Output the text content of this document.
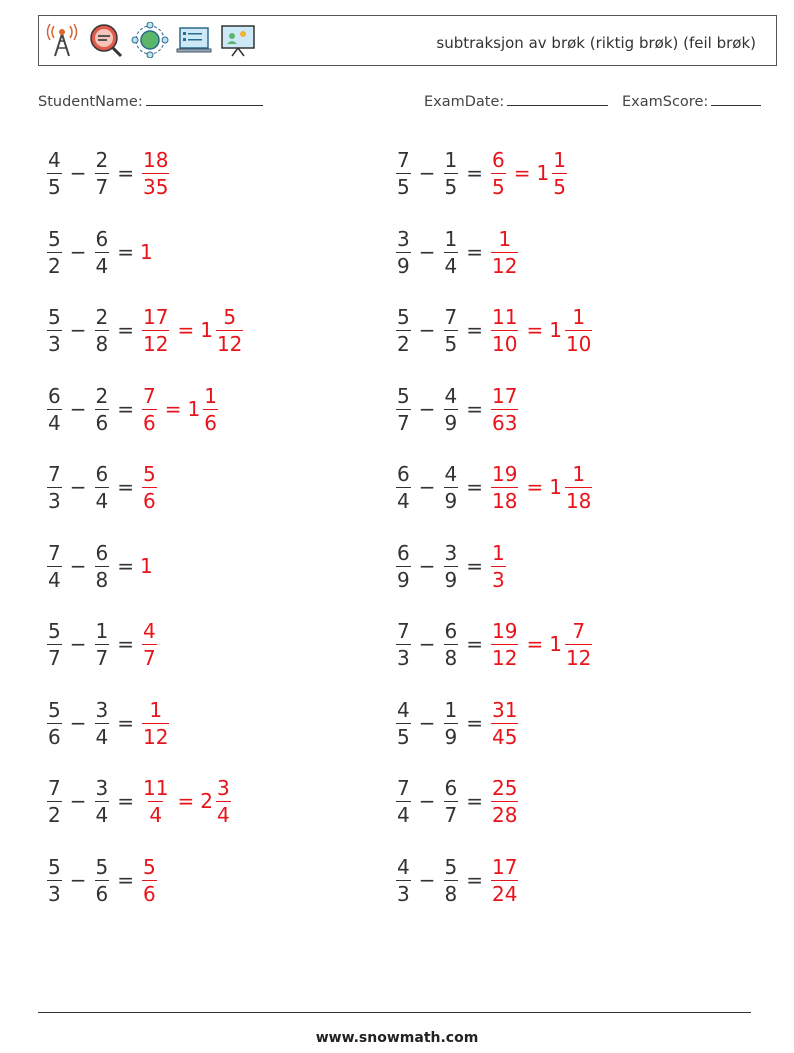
subtraksjon av brøk (riktig brøk) (feil brøk)
StudentName:	ExamDate:	ExamScore:
$\frac{4}{5} - \frac{2}{7} = \frac{18}{35}$	$\frac{7}{5} - \frac{1}{5} = \frac{6}{5} = 1 \frac{1}{5}$
$\frac{5}{2} - \frac{6}{4} = 1$	$\frac{3}{9} - \frac{1}{4} = \frac{1}{12}$
$\frac{5}{3} - \frac{2}{8} = \frac{17}{12} = 1 \frac{5}{12}$	$\frac{5}{2} - \frac{7}{5} = \frac{11}{10} = 1 \frac{1}{10}$
$\frac{6}{4} - \frac{2}{6} = \frac{7}{6} = 1 \frac{1}{6}$	$\frac{5}{7} - \frac{4}{9} = \frac{17}{63}$
$\frac{7}{3} - \frac{6}{4} = \frac{5}{6}$	$\frac{6}{4} - \frac{4}{9} = \frac{19}{18} = 1 \frac{1}{18}$
$\frac{7}{4} - \frac{6}{8} = 1$	$\frac{6}{9} - \frac{3}{9} = \frac{1}{3}$
$\frac{5}{7} - \frac{1}{7} = \frac{4}{7}$	$\frac{7}{3} - \frac{6}{8} = \frac{19}{12} = 1 \frac{7}{12}$
$\frac{5}{6} - \frac{3}{4} = \frac{1}{12}$	$\frac{4}{5} - \frac{1}{9} = \frac{31}{45}$
$\frac{7}{2} - \frac{3}{4} = \frac{11}{4} = 2 \frac{3}{4}$	$\frac{7}{4} - \frac{6}{7} = \frac{25}{28}$
$\frac{5}{3} - \frac{5}{6} = \frac{5}{6}$	$\frac{4}{3} - \frac{5}{8} = \frac{17}{24}$
www.snowmath.com
